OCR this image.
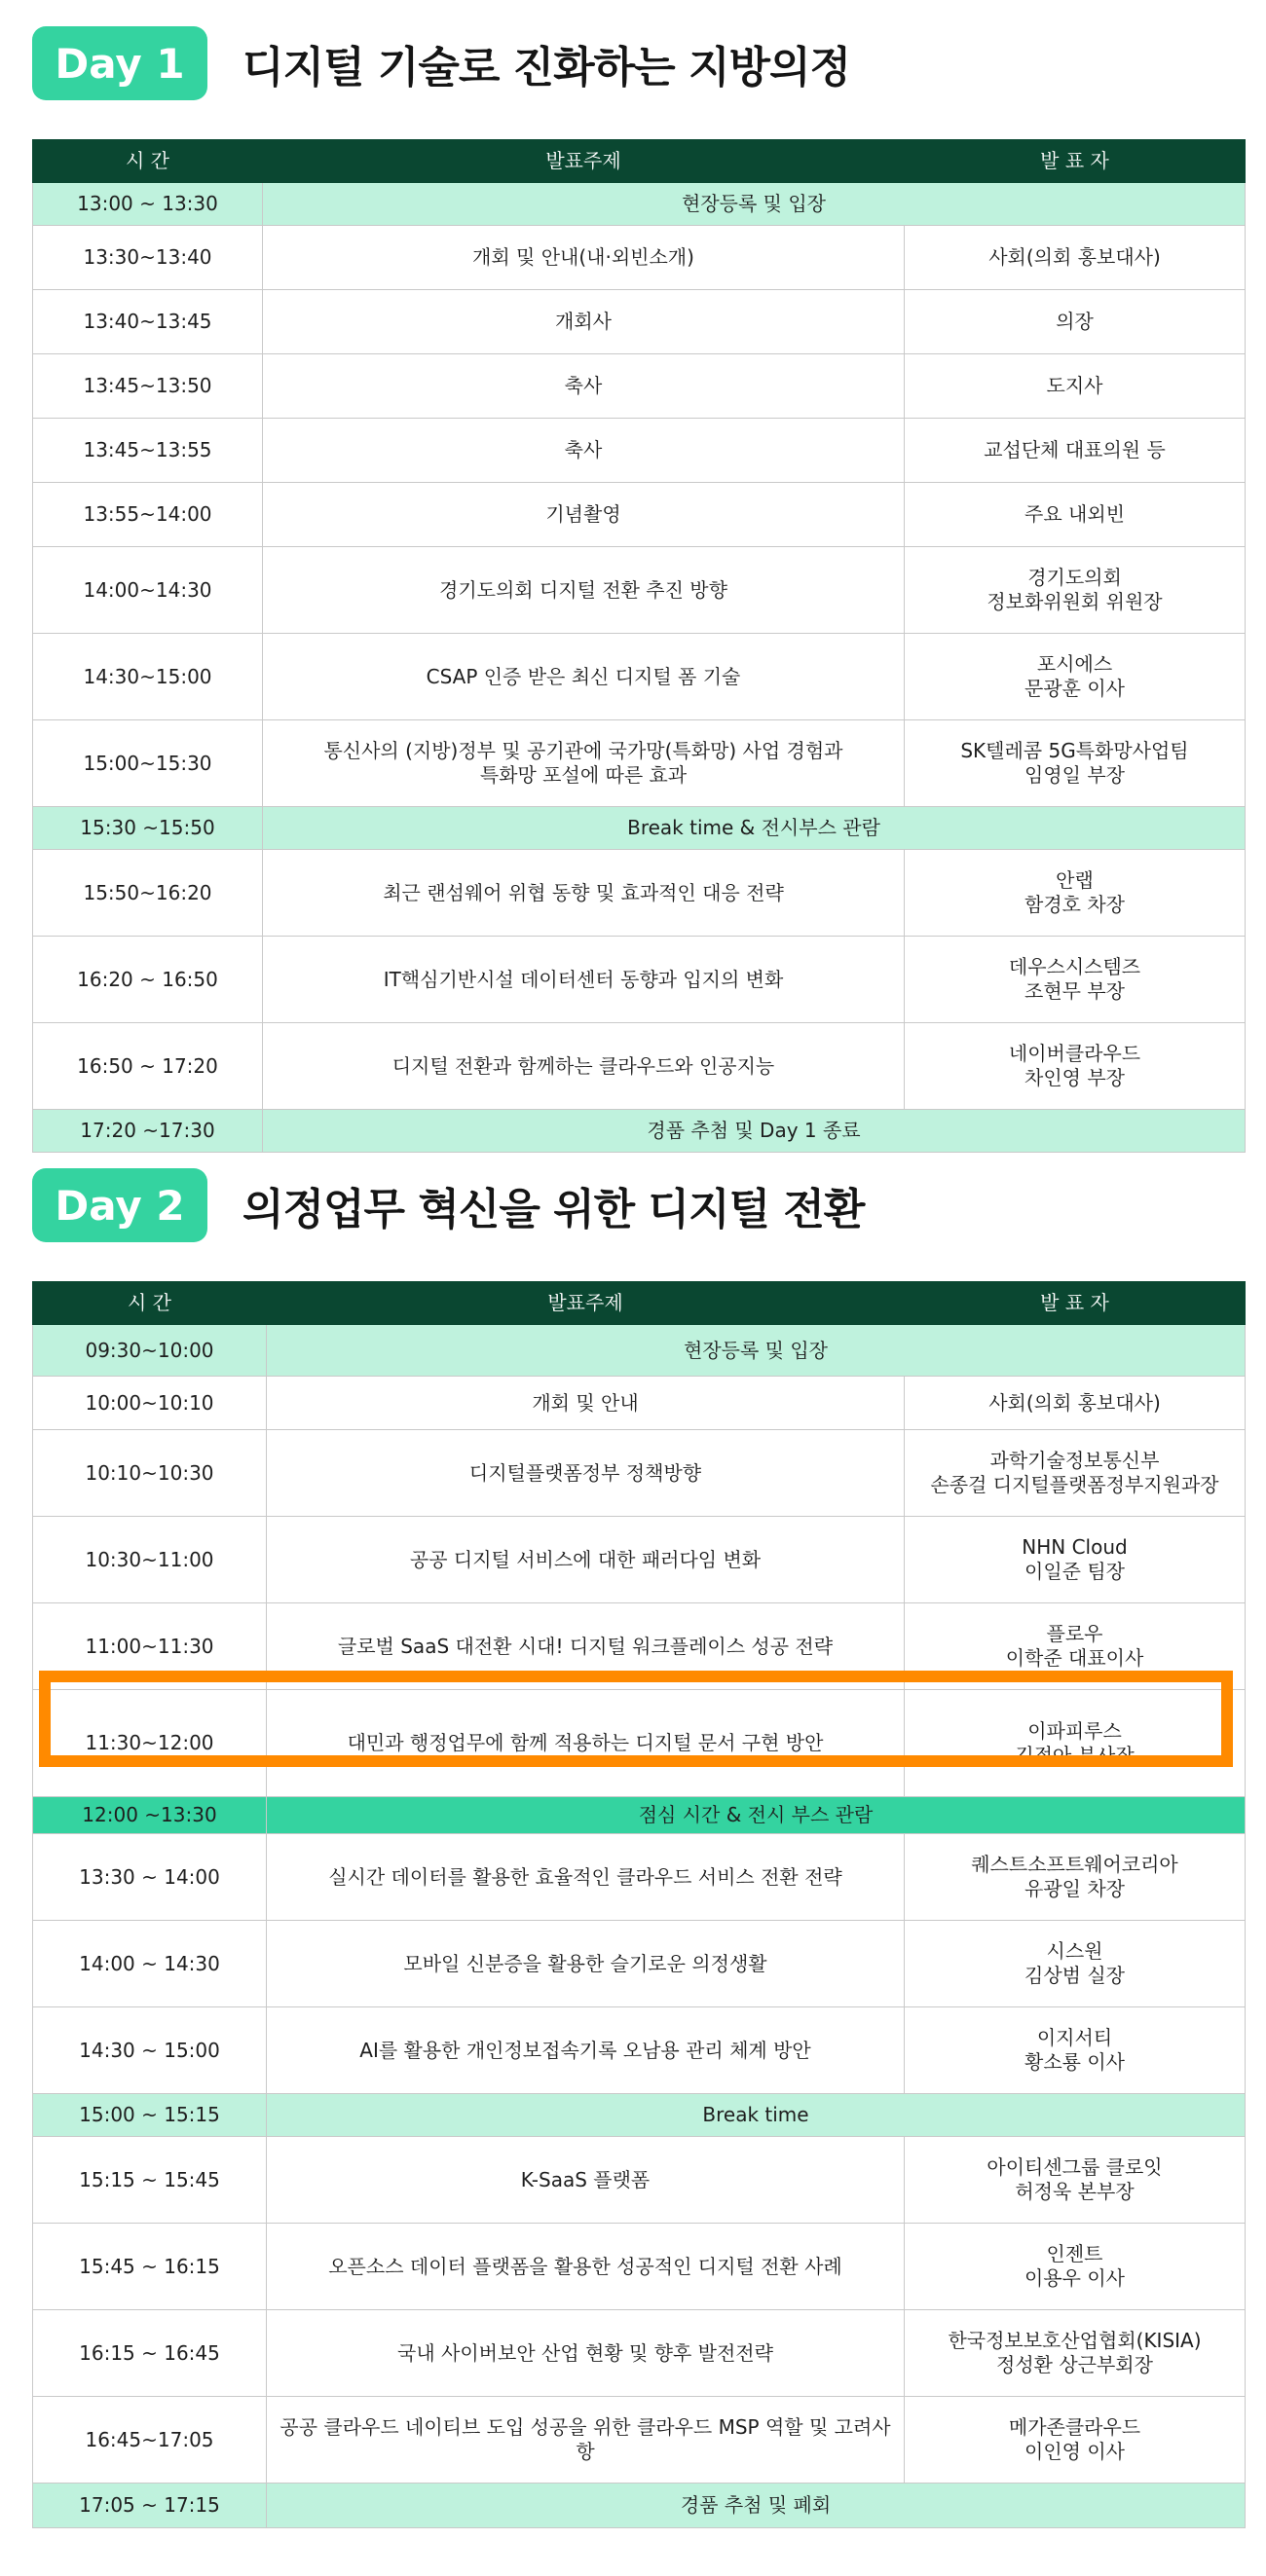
Day 1	디지털 기술로 진화하는 지방의정
시 간	발표주제	발 표 자
13:00 ~ 13:30	현장등록 및 입장	
13:30~13:40	개회 및 안내(내·외빈소개)	사회(의회 홍보대사)
13:40~13:45	개회사	의장
13:45~13:50	축사	도지사
13:45~13:55	축사	교섭단체 대표의원 등
13:55~14:00	기념촬영	주요 내외빈
14:00~14:30	경기도의회 디지털 전환 추진 방향	경기도의회
정보화위원회 위원장

14:30~15:00	CSAP 인증 받은 최신 디지털 폼 기술	포시에스
문광훈 이사

15:00~15:30	통신사의 (지방)정부 및 공기관에 국가망(특화망) 사업 경험과
특화망 포설에 따른 효과	SK텔레콤 5G특화망사업팀
임영일 부장

15:30 ~15:50	Break time & 전시부스 관람	
15:50~16:20	최근 랜섬웨어 위협 동향 및 효과적인 대응 전략	안랩
함경호 차장

16:20 ~ 16:50	IT핵심기반시설 데이터센터 동향과 입지의 변화	데우스시스템즈
조현무 부장

16:50 ~ 17:20	디지털 전환과 함께하는 클라우드와 인공지능	네이버클라우드
차인영 부장

17:20 ~17:30	경품 추첨 및 Day 1 종료	
Day 2	의정업무 혁신을 위한 디지털 전환
시 간	발표주제	발 표 자
09:30~10:00	현장등록 및 입장	
10:00~10:10	개회 및 안내	사회(의회 홍보대사)
10:10~10:30	디지털플랫폼정부 정책방향	과학기술정보통신부
손종걸 디지털플랫폼정부지원과장

10:30~11:00	공공 디지털 서비스에 대한 패러다임 변화	NHN Cloud
이일준 팀장

11:00~11:30	글로벌 SaaS 대전환 시대! 디지털 워크플레이스 성공 전략	플로우
이학준 대표이사

11:30~12:00	대민과 행정업무에 함께 적용하는 디지털 문서 구현 방안	이파피루스
김정아 부사장

12:00 ~13:30	점심 시간 & 전시 부스 관람	
13:30 ~ 14:00	실시간 데이터를 활용한 효율적인 클라우드 서비스 전환 전략	퀘스트소프트웨어코리아
유광일 차장

14:00 ~ 14:30	모바일 신분증을 활용한 슬기로운 의정생활	시스원
김상범 실장

14:30 ~ 15:00	AI를 활용한 개인정보접속기록 오남용 관리 체계 방안	이지서티
황소룡 이사

15:00 ~ 15:15	Break time	
15:15 ~ 15:45	K-SaaS 플랫폼	아이티센그룹 클로잇
허정욱 본부장

15:45 ~ 16:15	오픈소스 데이터 플랫폼을 활용한 성공적인 디지털 전환 사례	인젠트
이용우 이사

16:15 ~ 16:45	국내 사이버보안 산업 현황 및 향후 발전전략	한국정보보호산업협회(KISIA)
정성환 상근부회장

16:45~17:05	공공 클라우드 네이티브 도입 성공을 위한 클라우드 MSP 역할 및 고려사항	메가존클라우드
이인영 이사

17:05 ~ 17:15	경품 추첨 및 폐회	
